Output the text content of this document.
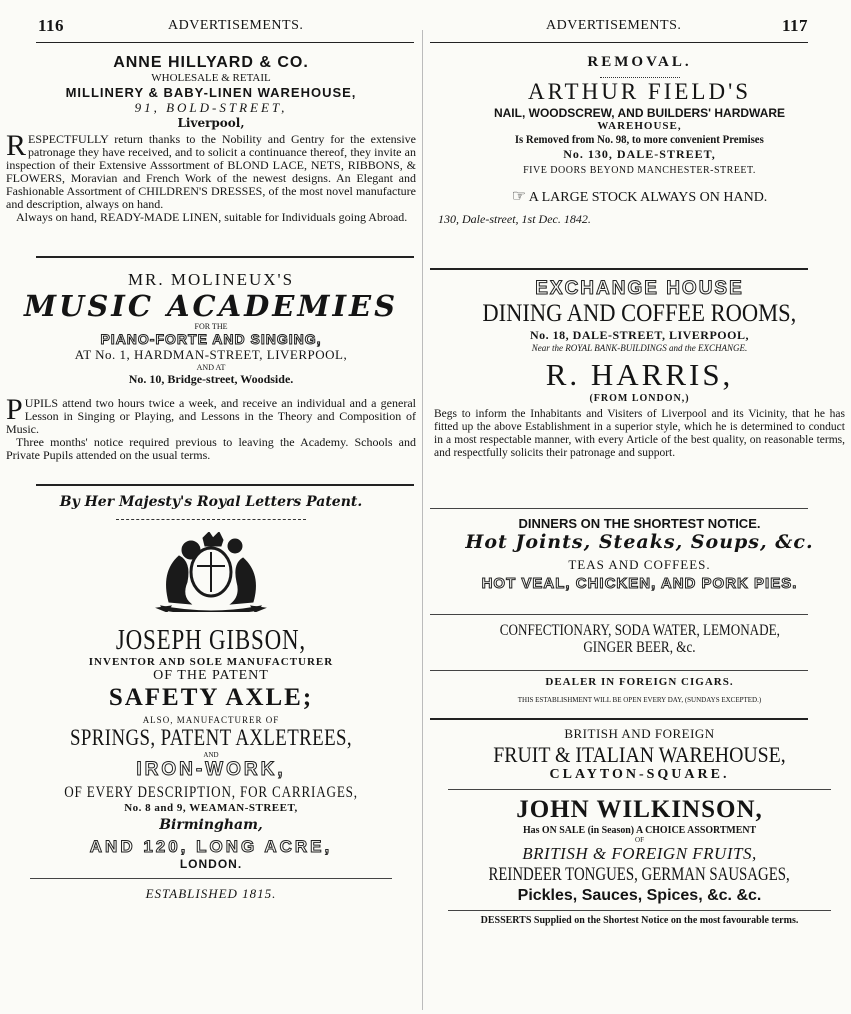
116	ADVERTISEMENTS.	ADVERTISEMENTS.	117
ANNE HILLYARD & CO.
WHOLESALE & RETAIL
MILLINERY & BABY-LINEN WAREHOUSE,
91, BOLD-STREET,
Liverpool,
RESPECTFULLY return thanks to the Nobility and Gentry for the extensive patronage they have received, and to solicit a continuance thereof, they invite an inspection of their Extensive Asssortment of BLOND LACE, NETS, RIBBONS, & FLOWERS, Moravian and French Work of the newest designs. An Elegant and Fashionable Assortment of CHILDREN'S DRESSES, of the most novel manufacture and description, always on hand.
Always on hand, READY-MADE LINEN, suitable for Individuals going Abroad.
MR. MOLINEUX'S
MUSIC ACADEMIES
FOR THE
PIANO-FORTE AND SINGING,
AT No. 1, HARDMAN-STREET, LIVERPOOL,
AND AT
No. 10, Bridge-street, Woodside.
PUPILS attend two hours twice a week, and receive an individual and a general Lesson in Singing or Playing, and Lessons in the Theory and Composition of Music.
Three months' notice required previous to leaving the Academy. Schools and Private Pupils attended on the usual terms.
By Her Majesty's Royal Letters Patent.
DIEU ET MON DROIT
JOSEPH GIBSON,
INVENTOR AND SOLE MANUFACTURER
OF THE PATENT
SAFETY AXLE;
ALSO, MANUFACTURER OF
SPRINGS, PATENT AXLETREES,
AND
IRON-WORK,
OF EVERY DESCRIPTION, FOR CARRIAGES,
No. 8 and 9, WEAMAN-STREET,
Birmingham,
AND 120, LONG ACRE,
LONDON.
ESTABLISHED 1815.
REMOVAL.
ARTHUR FIELD'S
NAIL, WOODSCREW, AND BUILDERS' HARDWARE
WAREHOUSE,
Is Removed from No. 98, to more convenient Premises
No. 130, DALE-STREET,
FIVE DOORS BEYOND MANCHESTER-STREET.
☞ A LARGE STOCK ALWAYS ON HAND.
130, Dale-street, 1st Dec. 1842.
EXCHANGE HOUSE
DINING AND COFFEE ROOMS,
No. 18, DALE-STREET, LIVERPOOL,
Near the ROYAL BANK-BUILDINGS and the EXCHANGE.
R. HARRIS,
(FROM LONDON,)
Begs to inform the Inhabitants and Visiters of Liverpool and its Vicinity, that he has fitted up the above Establishment in a superior style, which he is determined to conduct in a most respectable manner, with every Article of the best quality, on reasonable terms, and respectfully solicits their patronage and support.
DINNERS ON THE SHORTEST NOTICE.
Hot Joints, Steaks, Soups, &c.
TEAS AND COFFEES.
HOT VEAL, CHICKEN, AND PORK PIES.
CONFECTIONARY, SODA WATER, LEMONADE,
GINGER BEER, &c.
DEALER IN FOREIGN CIGARS.
THIS ESTABLISHMENT WILL BE OPEN EVERY DAY, (SUNDAYS EXCEPTED.)
BRITISH AND FOREIGN
FRUIT & ITALIAN WAREHOUSE,
CLAYTON-SQUARE.
JOHN WILKINSON,
Has ON SALE (in Season) A CHOICE ASSORTMENT
OF
BRITISH & FOREIGN FRUITS,
REINDEER TONGUES, GERMAN SAUSAGES,
Pickles, Sauces, Spices, &c. &c.
DESSERTS Supplied on the Shortest Notice on the most favourable terms.
